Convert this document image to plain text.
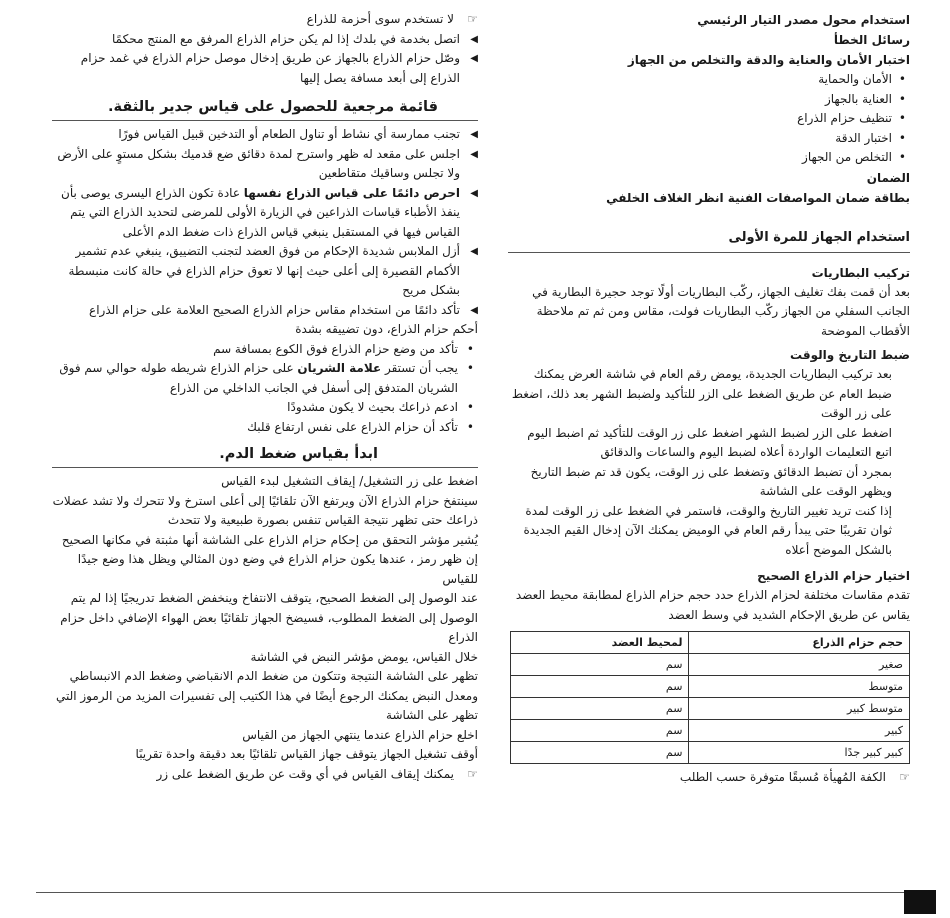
☞
لا تستخدم سوى أحزمة للذراع
◀ اتصل بخدمة في بلدك إذا لم يكن حزام الذراع المرفق مع المنتج محكمًا
◀ وصّل حزام الذراع بالجهاز عن طريق إدخال موصل حزام الذراع في غمد حزام الذراع إلى أبعد مسافة يصل إليها
قائمة مرجعية للحصول على قياس جدير بالثقة.
◀ تجنب ممارسة أي نشاط أو تناول الطعام أو التدخين قبيل القياس فورًا
◀ اجلس على مقعد له ظهر واسترح لمدة دقائق ضع قدميك بشكل مستوٍ على الأرض ولا تجلس وساقيك متقاطعين
◀ احرص دائمًا على قياس الذراع نفسها عادة تكون الذراع اليسرى يوصى بأن ينفذ الأطباء قياسات الذراعين في الزيارة الأولى للمرضى لتحديد الذراع التي يتم القياس فيها في المستقبل ينبغي قياس الذراع ذات ضغط الدم الأعلى
◀ أزل الملابس شديدة الإحكام من فوق العضد لتجنب التضييق، ينبغي عدم تشمير الأكمام القصيرة إلى أعلى حيث إنها لا تعوق حزام الذراع في حالة كانت منبسطة بشكل مريح
◀ تأكد دائمًا من استخدام مقاس حزام الذراع الصحيح العلامة على حزام الذراع
أحكم حزام الذراع، دون تضييقه بشدة
• تأكد من وضع حزام الذراع فوق الكوع بمسافة سم
• يجب أن تستقر علامة الشريان على حزام الذراع شريطه طوله حوالي سم فوق الشريان المتدفق إلى أسفل في الجانب الداخلي من الذراع
• ادعم ذراعك بحيث لا يكون مشدودًا
• تأكد أن حزام الذراع على نفس ارتفاع قلبك
ابدأ بقياس ضغط الدم.
اضغط على زر التشغيل/ إيقاف التشغيل لبدء القياس
سينتفخ حزام الذراع الآن ويرتفع الآن تلقائيًا إلى أعلى استرخ ولا تتحرك ولا تشد عضلات ذراعك حتى تظهر نتيجة القياس تنفس بصورة طبيعية ولا تتحدث
يُشير مؤشر التحقق من إحكام حزام الذراع على الشاشة أنها مثبتة في مكانها الصحيح إن ظهر رمز ، عندها يكون حزام الذراع في وضع دون المثالي ويظل هذا وضع جيدًا للقياس
عند الوصول إلى الضغط الصحيح، يتوقف الانتفاخ وينخفض الضغط تدريجيًا إذا لم يتم الوصول إلى الضغط المطلوب، فسيضخ الجهاز تلقائيًا بعض الهواء الإضافي داخل حزام الذراع
خلال القياس، يومض مؤشر النبض في الشاشة
تظهر على الشاشة النتيجة وتتكون من ضغط الدم الانقباضي وضغط الدم الانبساطي ومعدل النبض يمكنك الرجوع أيضًا في هذا الكتيب إلى تفسيرات المزيد من الرموز التي تظهر على الشاشة
اخلع حزام الذراع عندما ينتهي الجهاز من القياس
أوقف تشغيل الجهاز يتوقف جهاز القياس تلقائيًا بعد دقيقة واحدة تقريبًا
☞
يمكنك إيقاف القياس في أي وقت عن طريق الضغط على زر
استخدام محول مصدر التيار الرئيسي
رسائل الخطأ
اختبار الأمان والعناية والدقة والتخلص من الجهاز
• الأمان والحماية
• العناية بالجهاز
• تنظيف حزام الذراع
• اختبار الدقة
• التخلص من الجهاز
الضمان
بطاقة ضمان المواصفات الفنية انظر الغلاف الخلفي
استخدام الجهاز للمرة الأولى
تركيب البطاريات
بعد أن قمت بفك تغليف الجهاز، ركّب البطاريات أولًا توجد حجيرة البطارية في الجانب السفلي من الجهاز ركّب البطاريات فولت، مقاس ومن ثم تم ملاحظة الأقطاب الموضحة
ضبط التاريخ والوقت
بعد تركيب البطاريات الجديدة، يومض رقم العام في شاشة العرض يمكنك ضبط العام عن طريق الضغط على الزر للتأكيد ولضبط الشهر بعد ذلك، اضغط على زر الوقت
اضغط على الزر لضبط الشهر اضغط على زر الوقت للتأكيد ثم اضبط اليوم
اتبع التعليمات الواردة أعلاه لضبط اليوم والساعات والدقائق
بمجرد أن تضبط الدقائق وتضغط على زر الوقت، يكون قد تم ضبط التاريخ ويظهر الوقت على الشاشة
إذا كنت تريد تغيير التاريخ والوقت، فاستمر في الضغط على زر الوقت لمدة ثوان تقريبًا حتى يبدأ رقم العام في الوميض يمكنك الآن إدخال القيم الجديدة بالشكل الموضح أعلاه
اختيار حزام الذراع الصحيح
تقدم مقاسات مختلفة لحزام الذراع حدد حجم حزام الذراع لمطابقة محيط العضد يقاس عن طريق الإحكام الشديد في وسط العضد
حجم حزام الذراع	لمحيط العضد
صغير	سم
متوسط	سم
متوسط كبير	سم
كبير	سم
كبير كبير جدًا	سم
☞
الكفة المُهيأة مُسبقًا متوفرة حسب الطلب
